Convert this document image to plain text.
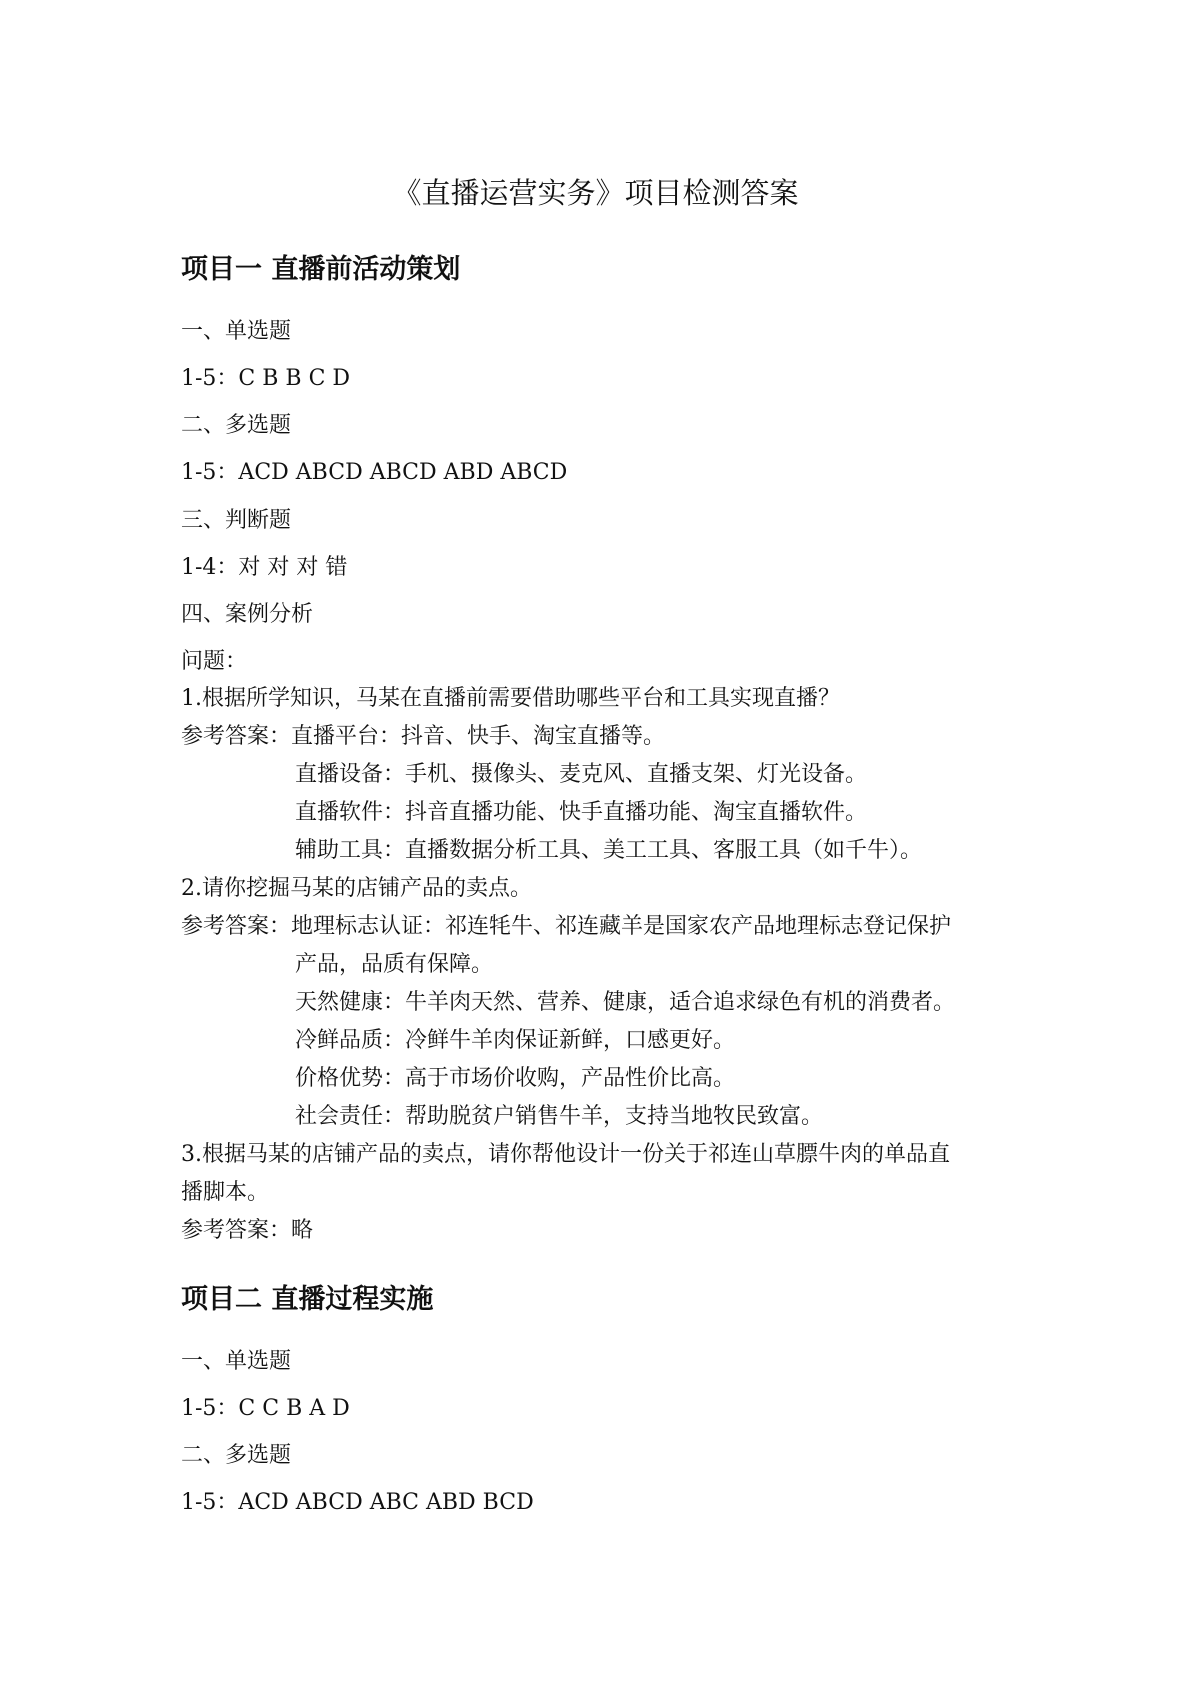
《直播运营实务》项目检测答案
项目一 直播前活动策划
一、单选题
1-5：C B B C D
二、多选题
1-5：ACD ABCD ABCD ABD ABCD
三、判断题
1-4：对 对 对 错
四、案例分析
问题：
1.根据所学知识，马某在直播前需要借助哪些平台和工具实现直播？
参考答案：直播平台：抖音、快手、淘宝直播等。
直播设备：手机、摄像头、麦克风、直播支架、灯光设备。
直播软件：抖音直播功能、快手直播功能、淘宝直播软件。
辅助工具：直播数据分析工具、美工工具、客服工具（如千牛）。
2.请你挖掘马某的店铺产品的卖点。
参考答案：地理标志认证：祁连牦牛、祁连藏羊是国家农产品地理标志登记保护
产品，品质有保障。
天然健康：牛羊肉天然、营养、健康，适合追求绿色有机的消费者。
冷鲜品质：冷鲜牛羊肉保证新鲜，口感更好。
价格优势：高于市场价收购，产品性价比高。
社会责任：帮助脱贫户销售牛羊，支持当地牧民致富。
3.根据马某的店铺产品的卖点，请你帮他设计一份关于祁连山草膘牛肉的单品直
播脚本。
参考答案：略
项目二 直播过程实施
一、单选题
1-5：C C B A D
二、多选题
1-5：ACD ABCD ABC ABD BCD
